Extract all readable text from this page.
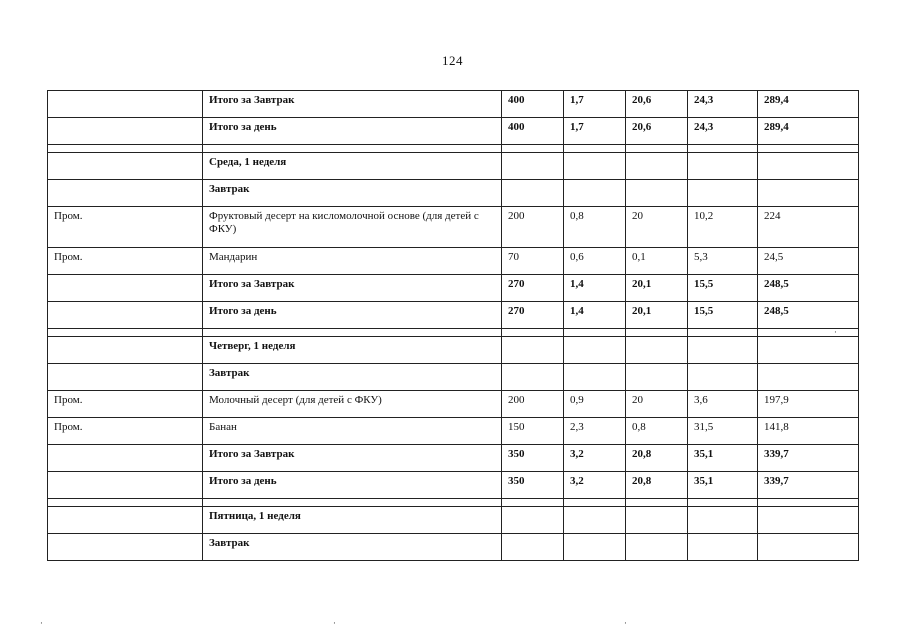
124
	Итого за Завтрак	400	1,7	20,6	24,3	289,4
	Итого за день	400	1,7	20,6	24,3	289,4

	Среда, 1 неделя					
	Завтрак					
Пром.	Фруктовый десерт на кисломолочной основе (для детей с ФКУ)	200	0,8	20	10,2	224
Пром.	Мандарин	70	0,6	0,1	5,3	24,5
	Итого за Завтрак	270	1,4	20,1	15,5	248,5
	Итого за день	270	1,4	20,1	15,5	248,5

	Четверг, 1 неделя					
	Завтрак					
Пром.	Молочный десерт (для детей с ФКУ)	200	0,9	20	3,6	197,9
Пром.	Банан	150	2,3	0,8	31,5	141,8
	Итого за Завтрак	350	3,2	20,8	35,1	339,7
	Итого за день	350	3,2	20,8	35,1	339,7

	Пятница, 1 неделя					
	Завтрак					
·
·	·	·
